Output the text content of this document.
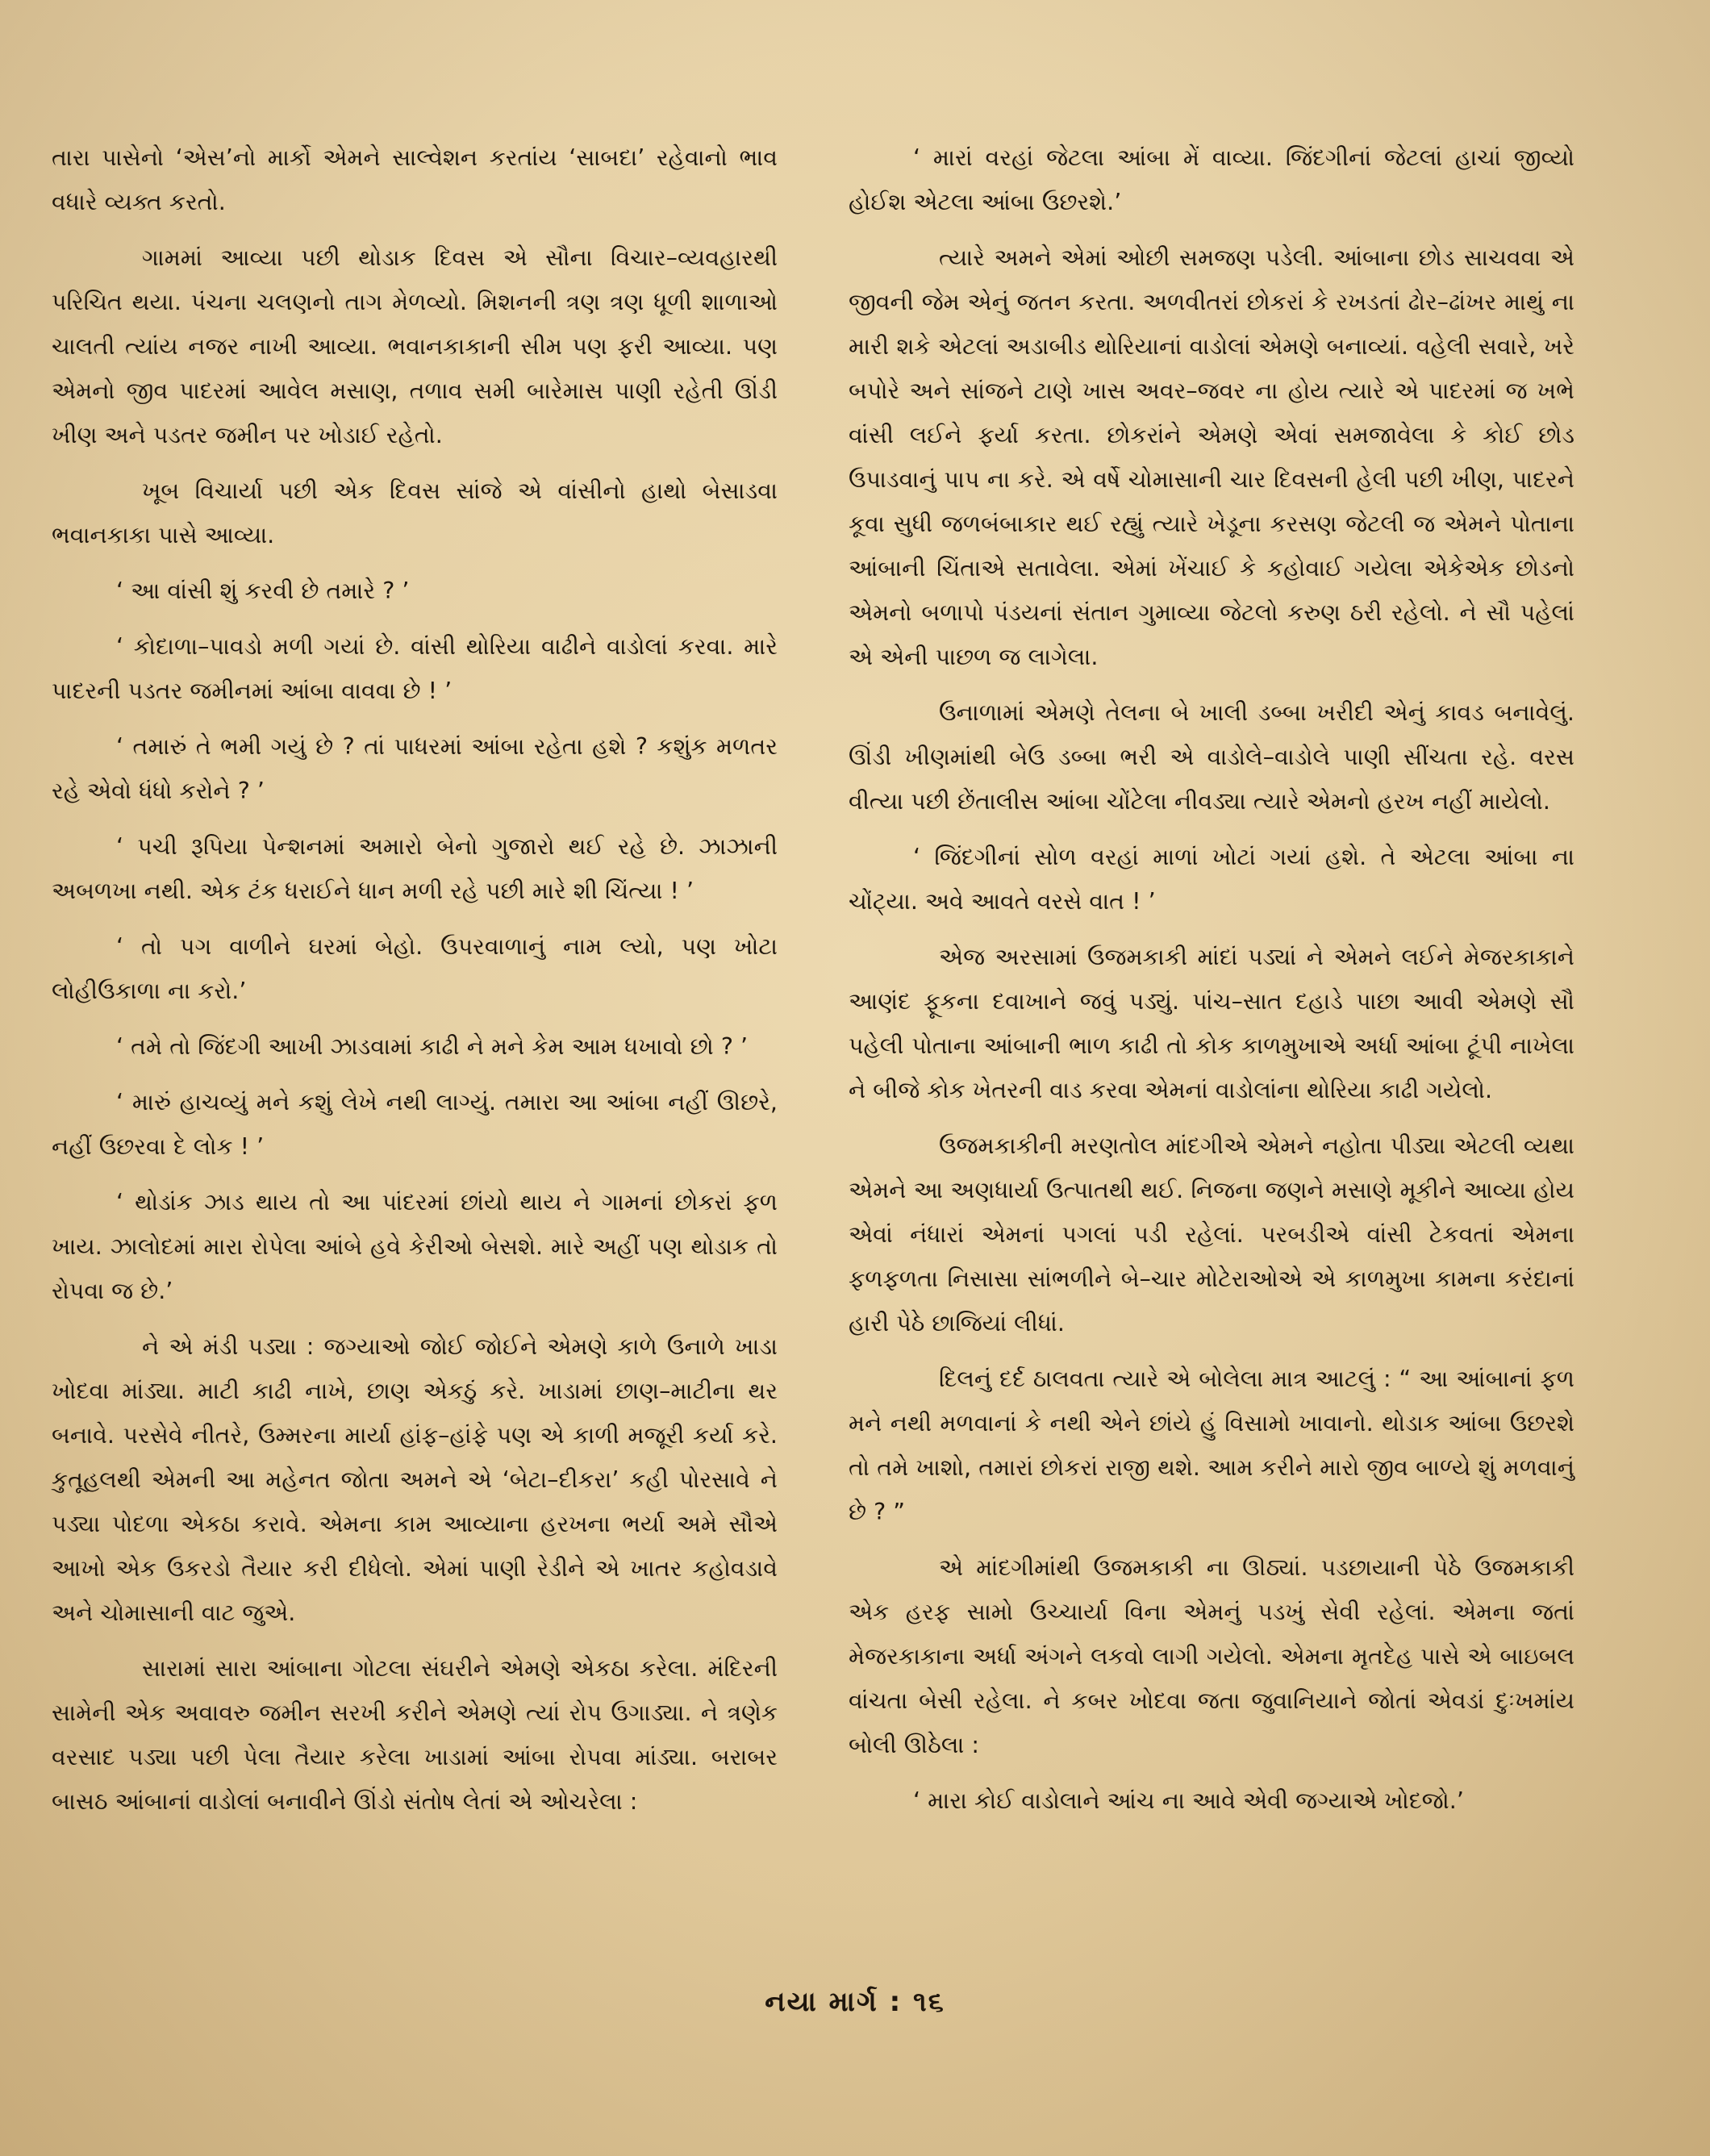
તારા પાસેનો ‘એસ’નો માર્કો એમને સાલ્વેશન કરતાંય ‘સાબદા’ રહેવાનો ભાવ વધારે વ્યક્ત કરતો.

ગામમાં આવ્યા પછી થોડાક દિવસ એ સૌના વિચાર–વ્યવહારથી પરિચિત થયા. પંચના ચલણનો તાગ મેળવ્યો. મિશનની ત્રણ ત્રણ ધૂળી શાળાઓ ચાલતી ત્યાંય નજર નાખી આવ્યા. ભવાનકાકાની સીમ પણ ફરી આવ્યા. પણ એમનો જીવ પાદરમાં આવેલ મસાણ, તળાવ સમી બારેમાસ પાણી રહેતી ઊંડી ખીણ અને પડતર જમીન પર ખોડાઈ રહેતો.

ખૂબ વિચાર્યા પછી એક દિવસ સાંજે એ વાંસીનો હાથો બેસાડવા ભવાનકાકા પાસે આવ્યા.

‘ આ વાંસી શું કરવી છે તમારે ? ’

‘ કોદાળા–પાવડો મળી ગયાં છે. વાંસી થોરિયા વાઢીને વાડોલાં કરવા. મારે પાદરની પડતર જમીનમાં આંબા વાવવા છે ! ’

‘ તમારું તે ભમી ગયું છે ? તાં પાધરમાં આંબા રહેતા હશે ? કશુંક મળતર રહે એવો ધંધો કરોને ? ’

‘ પચી રૂપિયા પેન્શનમાં અમારો બેનો ગુજારો થઈ રહે છે. ઝાઝાની અબળખા નથી. એક ટંક ધરાઈને ધાન મળી રહે પછી મારે શી ચિંત્યા ! ’

‘ તો પગ વાળીને ઘરમાં બેહો. ઉપરવાળાનું નામ લ્યો, પણ ખોટા લોહીઉકાળા ના કરો.’

‘ તમે તો જિંદગી આખી ઝાડવામાં કાઢી ને મને કેમ આમ ધખાવો છો ? ’

‘ મારું હાચવ્યું મને કશું લેખે નથી લાગ્યું. તમારા આ આંબા નહીં ઊછરે, નહીં ઉછરવા દે લોક ! ’

‘ થોડાંક ઝાડ થાય તો આ પાંદરમાં છાંયો થાય ને ગામનાં છોકરાં ફળ ખાય. ઝાલોદમાં મારા રોપેલા આંબે હવે કેરીઓ બેસશે. મારે અહીં પણ થોડાક તો રોપવા જ છે.’

ને એ મંડી પડ્યા : જગ્યાઓ જોઈ જોઈને એમણે કાળે ઉનાળે ખાડા ખોદવા માંડ્યા. માટી કાઢી નાખે, છાણ એકઠું કરે. ખાડામાં છાણ–માટીના થર બનાવે. પરસેવે નીતરે, ઉમ્મરના માર્યા હાંફ–હાંફે પણ એ કાળી મજૂરી કર્યા કરે. કુતૂહલથી એમની આ મહેનત જોતા અમને એ ‘બેટા–દીકરા’ કહી પોરસાવે ને પડ્યા પોદળા એકઠા કરાવે. એમના કામ આવ્યાના હરખના ભર્યા અમે સૌએ આખો એક ઉકરડો તૈયાર કરી દીધેલો. એમાં પાણી રેડીને એ ખાતર કહોવડાવે અને ચોમાસાની વાટ જુએ.

સારામાં સારા આંબાના ગોટલા સંઘરીને એમણે એકઠા કરેલા. મંદિરની સામેની એક અવાવરુ જમીન સરખી કરીને એમણે ત્યાં રોપ ઉગાડ્યા. ને ત્રણેક વરસાદ પડ્યા પછી પેલા તૈયાર કરેલા ખાડામાં આંબા રોપવા માંડ્યા. બરાબર બાસઠ આંબાનાં વાડોલાં બનાવીને ઊંડો સંતોષ લેતાં એ ઓચરેલા :

‘ મારાં વરહાં જેટલા આંબા મેં વાવ્યા. જિંદગીનાં જેટલાં હાચાં જીવ્યો હોઈશ એટલા આંબા ઉછરશે.’

ત્યારે અમને એમાં ઓછી સમજણ પડેલી. આંબાના છોડ સાચવવા એ જીવની જેમ એનું જતન કરતા. અળવીતરાં છોકરાં કે રખડતાં ઢોર–ઢાંખર માથું ના મારી શકે એટલાં અડાબીડ થોરિયાનાં વાડોલાં એમણે બનાવ્યાં. વહેલી સવારે, ખરે બપોરે અને સાંજને ટાણે ખાસ અવર–જવર ના હોય ત્યારે એ પાદરમાં જ ખભે વાંસી લઈને ફર્યા કરતા. છોકરાંને એમણે એવાં સમજાવેલા કે કોઈ છોડ ઉપાડવાનું પાપ ના કરે. એ વર્ષે ચોમાસાની ચાર દિવસની હેલી પછી ખીણ, પાદરને કૂવા સુધી જળબંબાકાર થઈ રહ્યું ત્યારે ખેડૂના કરસણ જેટલી જ એમને પોતાના આંબાની ચિંતાએ સતાવેલા. એમાં ખેંચાઈ કે કહોવાઈ ગયેલા એકેએક છોડનો એમનો બળાપો પંડયનાં સંતાન ગુમાવ્યા જેટલો કરુણ ઠરી રહેલો. ને સૌ પહેલાં એ એની પાછળ જ લાગેલા.

ઉનાળામાં એમણે તેલના બે ખાલી ડબ્બા ખરીદી એનું કાવડ બનાવેલું. ઊંડી ખીણમાંથી બેઉ ડબ્બા ભરી એ વાડોલે–વાડોલે પાણી સીંચતા રહે. વરસ વીત્યા પછી છેંતાલીસ આંબા ચોંટેલા નીવડ્યા ત્યારે એમનો હરખ નહીં માયેલો.

‘ જિંદગીનાં સોળ વરહાં માળાં ખોટાં ગયાં હશે. તે એટલા આંબા ના ચોંટ્યા. અવે આવતે વરસે વાત ! ’

એજ અરસામાં ઉજમકાકી માંદાં પડ્યાં ને એમને લઈને મેજરકાકાને આણંદ ફૂકના દવાખાને જવું પડ્યું. પાંચ–સાત દહાડે પાછા આવી એમણે સૌ પહેલી પોતાના આંબાની ભાળ કાઢી તો કોક કાળમુખાએ અર્ધા આંબા ટૂંપી નાખેલા ને બીજે કોક ખેતરની વાડ કરવા એમનાં વાડોલાંના થોરિયા કાઢી ગયેલો.

ઉજમકાકીની મરણતોલ માંદગીએ એમને નહોતા પીડ્યા એટલી વ્યથા એમને આ અણધાર્યા ઉત્પાતથી થઈ. નિજના જણને મસાણે મૂકીને આવ્યા હોય એવાં નંધારાં એમનાં પગલાં પડી રહેલાં. પરબડીએ વાંસી ટેકવતાં એમના ફળફળતા નિસાસા સાંભળીને બે–ચાર મોટેરાઓએ એ કાળમુખા કામના કરંદાનાં હારી પેઠે છાજિયાં લીધાં.

દિલનું દર્દ ઠાલવતા ત્યારે એ બોલેલા માત્ર આટલું : “ આ આંબાનાં ફળ મને નથી મળવાનાં કે નથી એને છાંયે હું વિસામો ખાવાનો. થોડાક આંબા ઉછરશે તો તમે ખાશો, તમારાં છોકરાં રાજી થશે. આમ કરીને મારો જીવ બાળ્યે શું મળવાનું છે ? ”

એ માંદગીમાંથી ઉજમકાકી ના ઊઠ્યાં. પડછાયાની પેઠે ઉજમકાકી એક હરફ સામો ઉચ્ચાર્યા વિના એમનું પડખું સેવી રહેલાં. એમના જતાં મેજરકાકાના અર્ધા અંગને લકવો લાગી ગયેલો. એમના મૃતદેહ પાસે એ બાઇબલ વાંચતા બેસી રહેલા. ને કબર ખોદવા જતા જુવાનિયાને જોતાં એવડાં દુઃખમાંય બોલી ઊઠેલા :

‘ મારા કોઈ વાડોલાને આંચ ના આવે એવી જગ્યાએ ખોદજો.’

નયા માર્ગ : ૧૬
